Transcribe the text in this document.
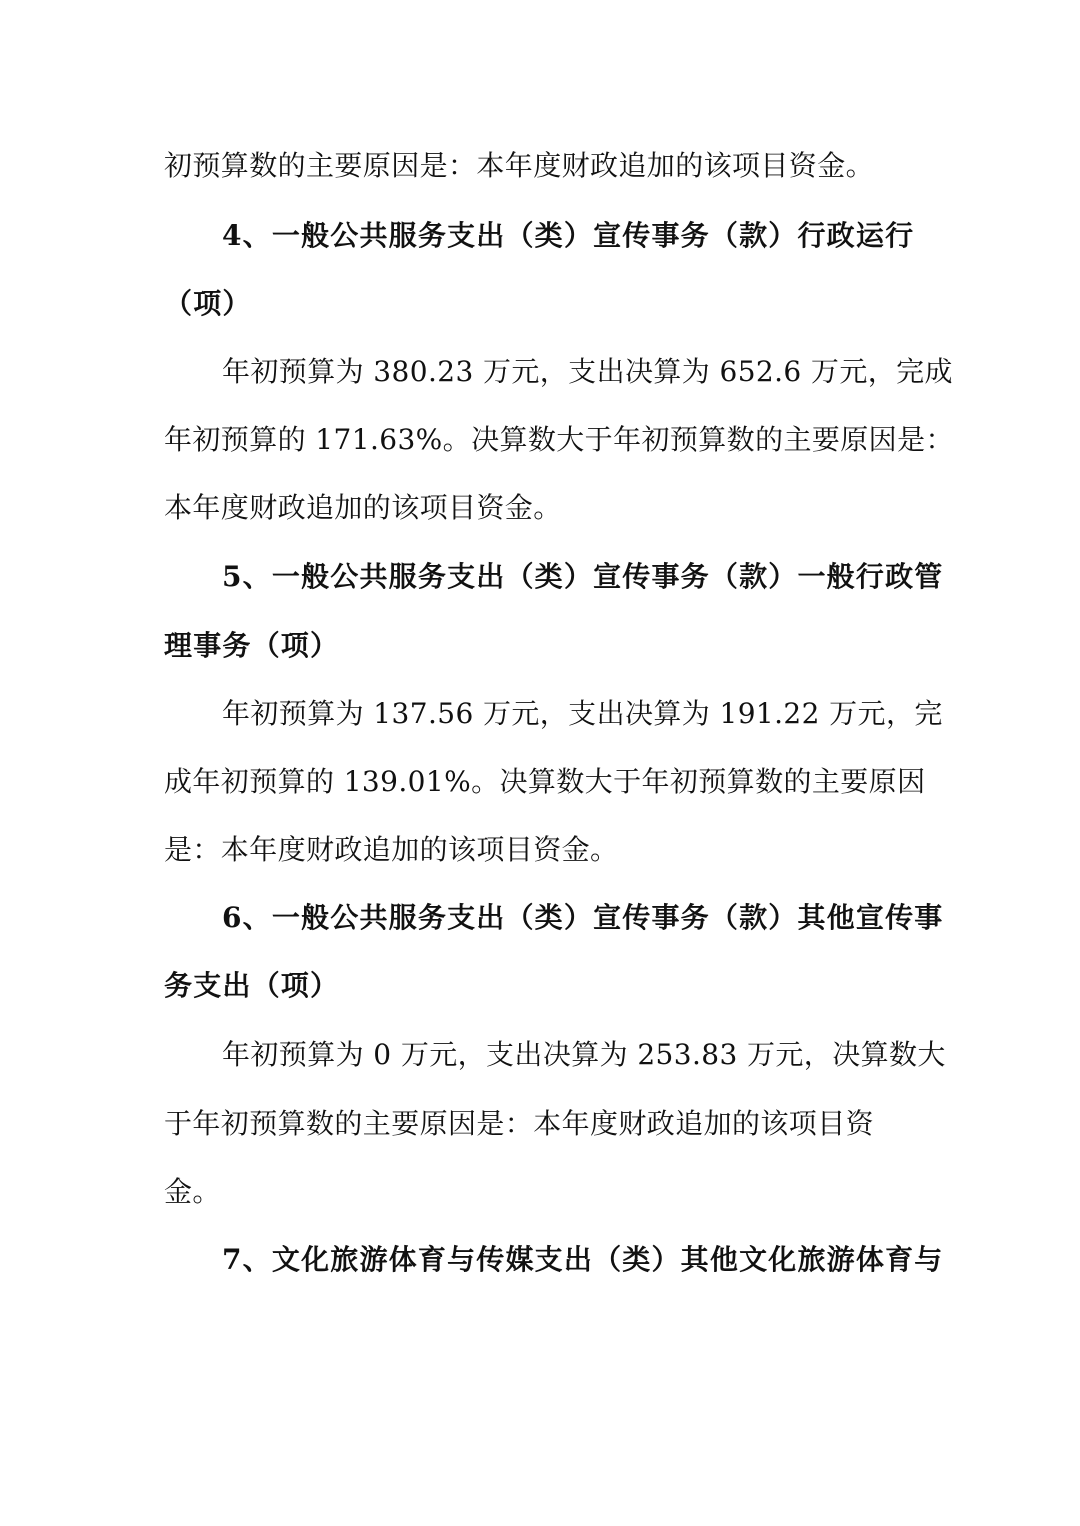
初预算数的主要原因是：本年度财政追加的该项目资金。
4、一般公共服务支出（类）宣传事务（款）行政运行
（项）
年初预算为 380.23 万元，支出决算为 652.6 万元，完成
年初预算的 171.63%。决算数大于年初预算数的主要原因是：
本年度财政追加的该项目资金。
5、一般公共服务支出（类）宣传事务（款）一般行政管
理事务（项）
年初预算为 137.56 万元，支出决算为 191.22 万元，完
成年初预算的 139.01%。决算数大于年初预算数的主要原因
是：本年度财政追加的该项目资金。
6、一般公共服务支出（类）宣传事务（款）其他宣传事
务支出（项）
年初预算为 0 万元，支出决算为 253.83 万元，决算数大
于年初预算数的主要原因是：本年度财政追加的该项目资
金。
7、文化旅游体育与传媒支出（类）其他文化旅游体育与
